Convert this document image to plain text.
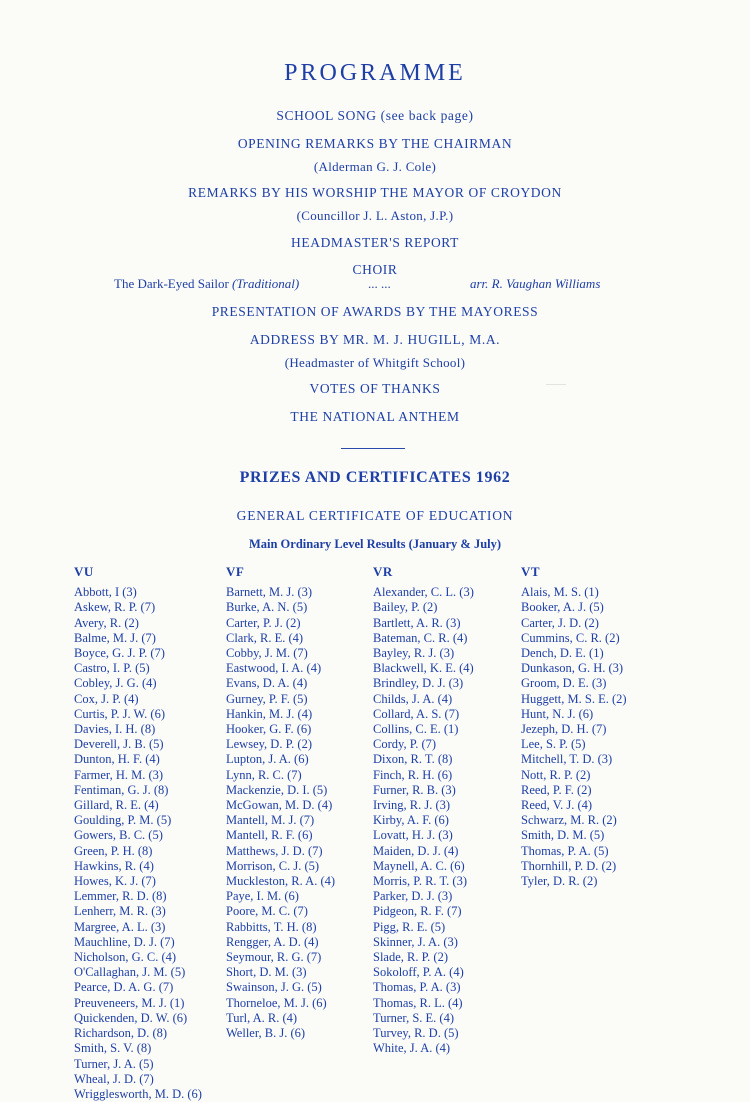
PROGRAMME
SCHOOL SONG (see back page)
OPENING REMARKS BY THE CHAIRMAN
(Alderman G. J. Cole)
REMARKS BY HIS WORSHIP THE MAYOR OF CROYDON
(Councillor J. L. Aston, J.P.)
HEADMASTER'S REPORT
CHOIR
The Dark-Eyed Sailor (Traditional)	... ...	arr. R. Vaughan Williams
PRESENTATION OF AWARDS BY THE MAYORESS
ADDRESS BY MR. M. J. HUGILL, M.A.
(Headmaster of Whitgift School)
VOTES OF THANKS
THE NATIONAL ANTHEM
PRIZES AND CERTIFICATES 1962
GENERAL CERTIFICATE OF EDUCATION
Main Ordinary Level Results (January & July)
VU
Abbott, I (3)
Askew, R. P. (7)
Avery, R. (2)
Balme, M. J. (7)
Boyce, G. J. P. (7)
Castro, I. P. (5)
Cobley, J. G. (4)
Cox, J. P. (4)
Curtis, P. J. W. (6)
Davies, I. H. (8)
Deverell, J. B. (5)
Dunton, H. F. (4)
Farmer, H. M. (3)
Fentiman, G. J. (8)
Gillard, R. E. (4)
Goulding, P. M. (5)
Gowers, B. C. (5)
Green, P. H. (8)
Hawkins, R. (4)
Howes, K. J. (7)
Lemmer, R. D. (8)
Lenherr, M. R. (3)
Margree, A. L. (3)
Mauchline, D. J. (7)
Nicholson, G. C. (4)
O'Callaghan, J. M. (5)
Pearce, D. A. G. (7)
Preuveneers, M. J. (1)
Quickenden, D. W. (6)
Richardson, D. (8)
Smith, S. V. (8)
Turner, J. A. (5)
Wheal, J. D. (7)
Wrigglesworth, M. D. (6)
VF
Barnett, M. J. (3)
Burke, A. N. (5)
Carter, P. J. (2)
Clark, R. E. (4)
Cobby, J. M. (7)
Eastwood, I. A. (4)
Evans, D. A. (4)
Gurney, P. F. (5)
Hankin, M. J. (4)
Hooker, G. F. (6)
Lewsey, D. P. (2)
Lupton, J. A. (6)
Lynn, R. C. (7)
Mackenzie, D. I. (5)
McGowan, M. D. (4)
Mantell, M. J. (7)
Mantell, R. F. (6)
Matthews, J. D. (7)
Morrison, C. J. (5)
Muckleston, R. A. (4)
Paye, I. M. (6)
Poore, M. C. (7)
Rabbitts, T. H. (8)
Rengger, A. D. (4)
Seymour, R. G. (7)
Short, D. M. (3)
Swainson, J. G. (5)
Thorneloe, M. J. (6)
Turl, A. R. (4)
Weller, B. J. (6)
VR
Alexander, C. L. (3)
Bailey, P. (2)
Bartlett, A. R. (3)
Bateman, C. R. (4)
Bayley, R. J. (3)
Blackwell, K. E. (4)
Brindley, D. J. (3)
Childs, J. A. (4)
Collard, A. S. (7)
Collins, C. E. (1)
Cordy, P. (7)
Dixon, R. T. (8)
Finch, R. H. (6)
Furner, R. B. (3)
Irving, R. J. (3)
Kirby, A. F. (6)
Lovatt, H. J. (3)
Maiden, D. J. (4)
Maynell, A. C. (6)
Morris, P. R. T. (3)
Parker, D. J. (3)
Pidgeon, R. F. (7)
Pigg, R. E. (5)
Skinner, J. A. (3)
Slade, R. P. (2)
Sokoloff, P. A. (4)
Thomas, P. A. (3)
Thomas, R. L. (4)
Turner, S. E. (4)
Turvey, R. D. (5)
White, J. A. (4)
VT
Alais, M. S. (1)
Booker, A. J. (5)
Carter, J. D. (2)
Cummins, C. R. (2)
Dench, D. E. (1)
Dunkason, G. H. (3)
Groom, D. E. (3)
Huggett, M. S. E. (2)
Hunt, N. J. (6)
Jezeph, D. H. (7)
Lee, S. P. (5)
Mitchell, T. D. (3)
Nott, R. P. (2)
Reed, P. F. (2)
Reed, V. J. (4)
Schwarz, M. R. (2)
Smith, D. M. (5)
Thomas, P. A. (5)
Thornhill, P. D. (2)
Tyler, D. R. (2)
